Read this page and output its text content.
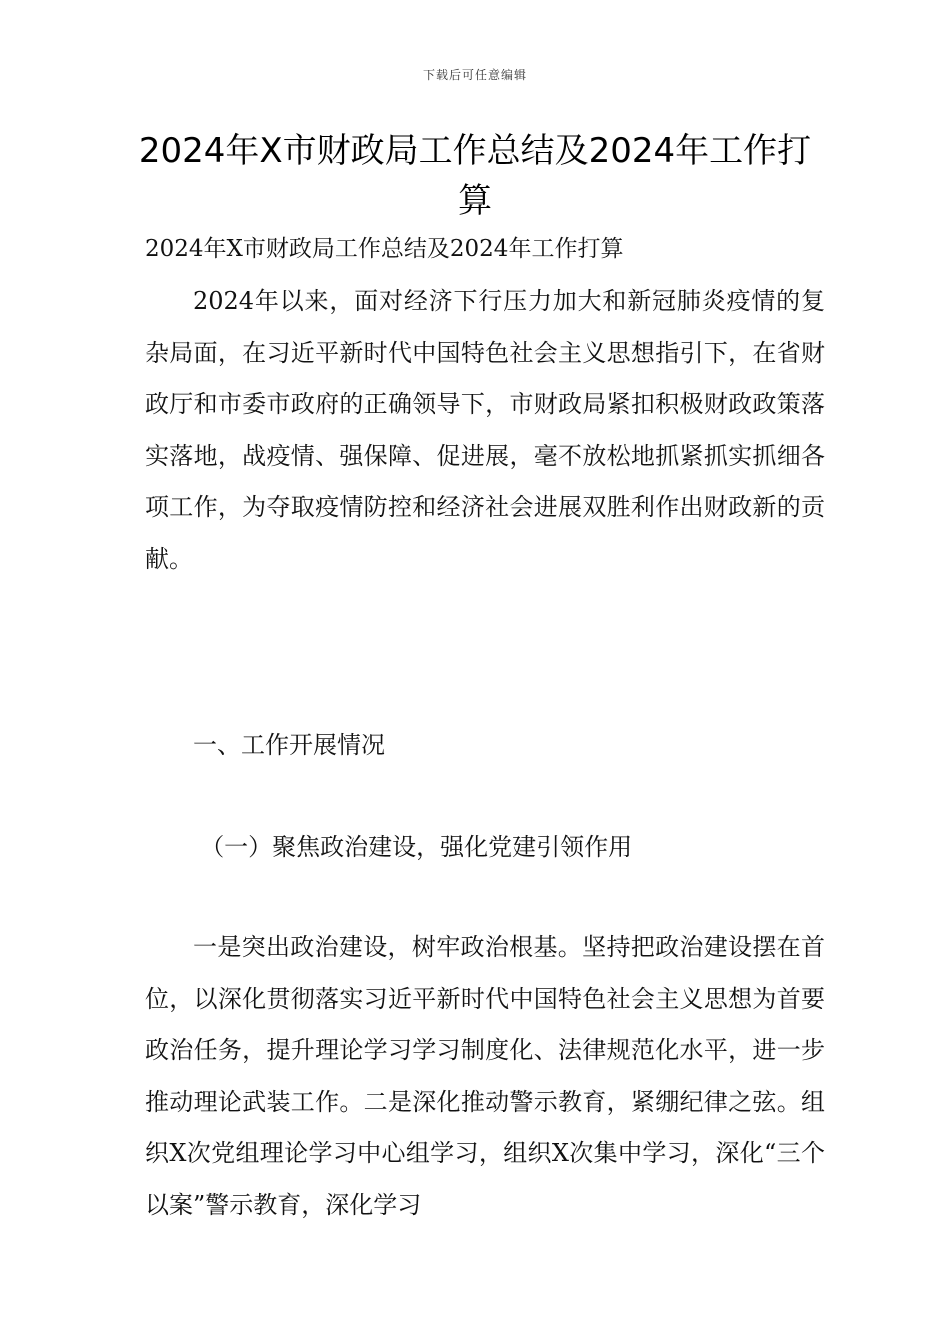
下载后可任意编辑
2024年X市财政局工作总结及2024年工作打算

2024年X市财政局工作总结及2024年工作打算

2024年以来，面对经济下行压力加大和新冠肺炎疫情的复杂局面，在习近平新时代中国特色社会主义思想指引下，在省财政厅和市委市政府的正确领导下，市财政局紧扣积极财政政策落实落地，战疫情、强保障、促进展，毫不放松地抓紧抓实抓细各项工作，为夺取疫情防控和经济社会进展双胜利作出财政新的贡献。

一、工作开展情况

（一）聚焦政治建设，强化党建引领作用

一是突出政治建设，树牢政治根基。坚持把政治建设摆在首位，以深化贯彻落实习近平新时代中国特色社会主义思想为首要政治任务，提升理论学习学习制度化、法律规范化水平，进一步推动理论武装工作。二是深化推动警示教育，紧绷纪律之弦。组织X次党组理论学习中心组学习，组织X次集中学习，深化“三个以案”警示教育，深化学习
